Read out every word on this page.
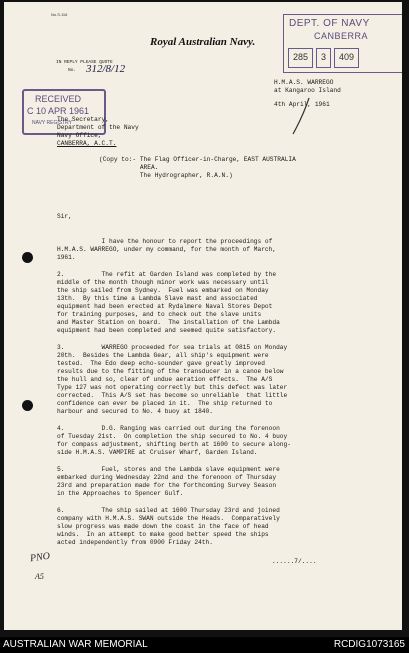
No.S.116
Royal Australian Navy.
DEPT. OF NAVY
CANBERRA
285	3	409
IN REPLY PLEASE QUOTE
No. 312/8/12
RECEIVED
C 10 APR 1961
NAVY REGISTRY
H.M.A.S. WARREGO
at Kangaroo Island
4th April, 1961
The Secretary,
Department of the Navy
Navy Office,
CANBERRA, A.C.T.
(Copy to:- The Flag Officer-in-Charge, EAST AUSTRALIA
AREA.
The Hydrographer, R.A.N.)
Sir,
I have the honour to report the proceedings of
H.M.A.S. WARREGO, under my command, for the month of March,
1961.
2.          The refit at Garden Island was completed by the
middle of the month though minor work was necessary until
the ship sailed from Sydney.  Fuel was embarked on Monday
13th.  By this time a Lambda Slave mast and associated
equipment had been erected at Rydalmere Naval Stores Depot
for training purposes, and to check out the slave units
and Master Station on board.  The installation of the Lambda
equipment had been completed and seemed quite satisfactory.
3.          WARREGO proceeded for sea trials at 0815 on Monday
20th.  Besides the Lambda Gear, all ship's equipment were
tested.  The Edo deep echo-sounder gave greatly improved
results due to the fitting of the transducer in a canoe below
the hull and so, clear of undue aeration effects.  The A/S
Type 127 was not operating correctly but this defect was later
corrected.  This A/S set has become so unreliable  that little
confidence can ever be placed in it.  The ship returned to
harbour and secured to No. 4 buoy at 1840.
4.          D.G. Ranging was carried out during the forenoon
of Tuesday 21st.  On completion the ship secured to No. 4 buoy
for compass adjustment, shifting berth at 1600 to secure along-
side H.M.A.S. VAMPIRE at Cruiser Wharf, Garden Island.
5.          Fuel, stores and the Lambda slave equipment were
embarked during Wednesday 22nd and the forenoon of Thursday
23rd and preparation made for the forthcoming Survey Season
in the Approaches to Spencer Gulf.
6.          The ship sailed at 1600 Thursday 23rd and joined
company with H.M.A.S. SWAN outside the Heads.  Comparatively
slow progress was made down the coast in the face of head
winds.  In an attempt to make good better speed the ships
acted independently from 0900 Friday 24th.
......7/....
PNO
A5
AUSTRALIAN WAR MEMORIAL	RCDIG1073165
